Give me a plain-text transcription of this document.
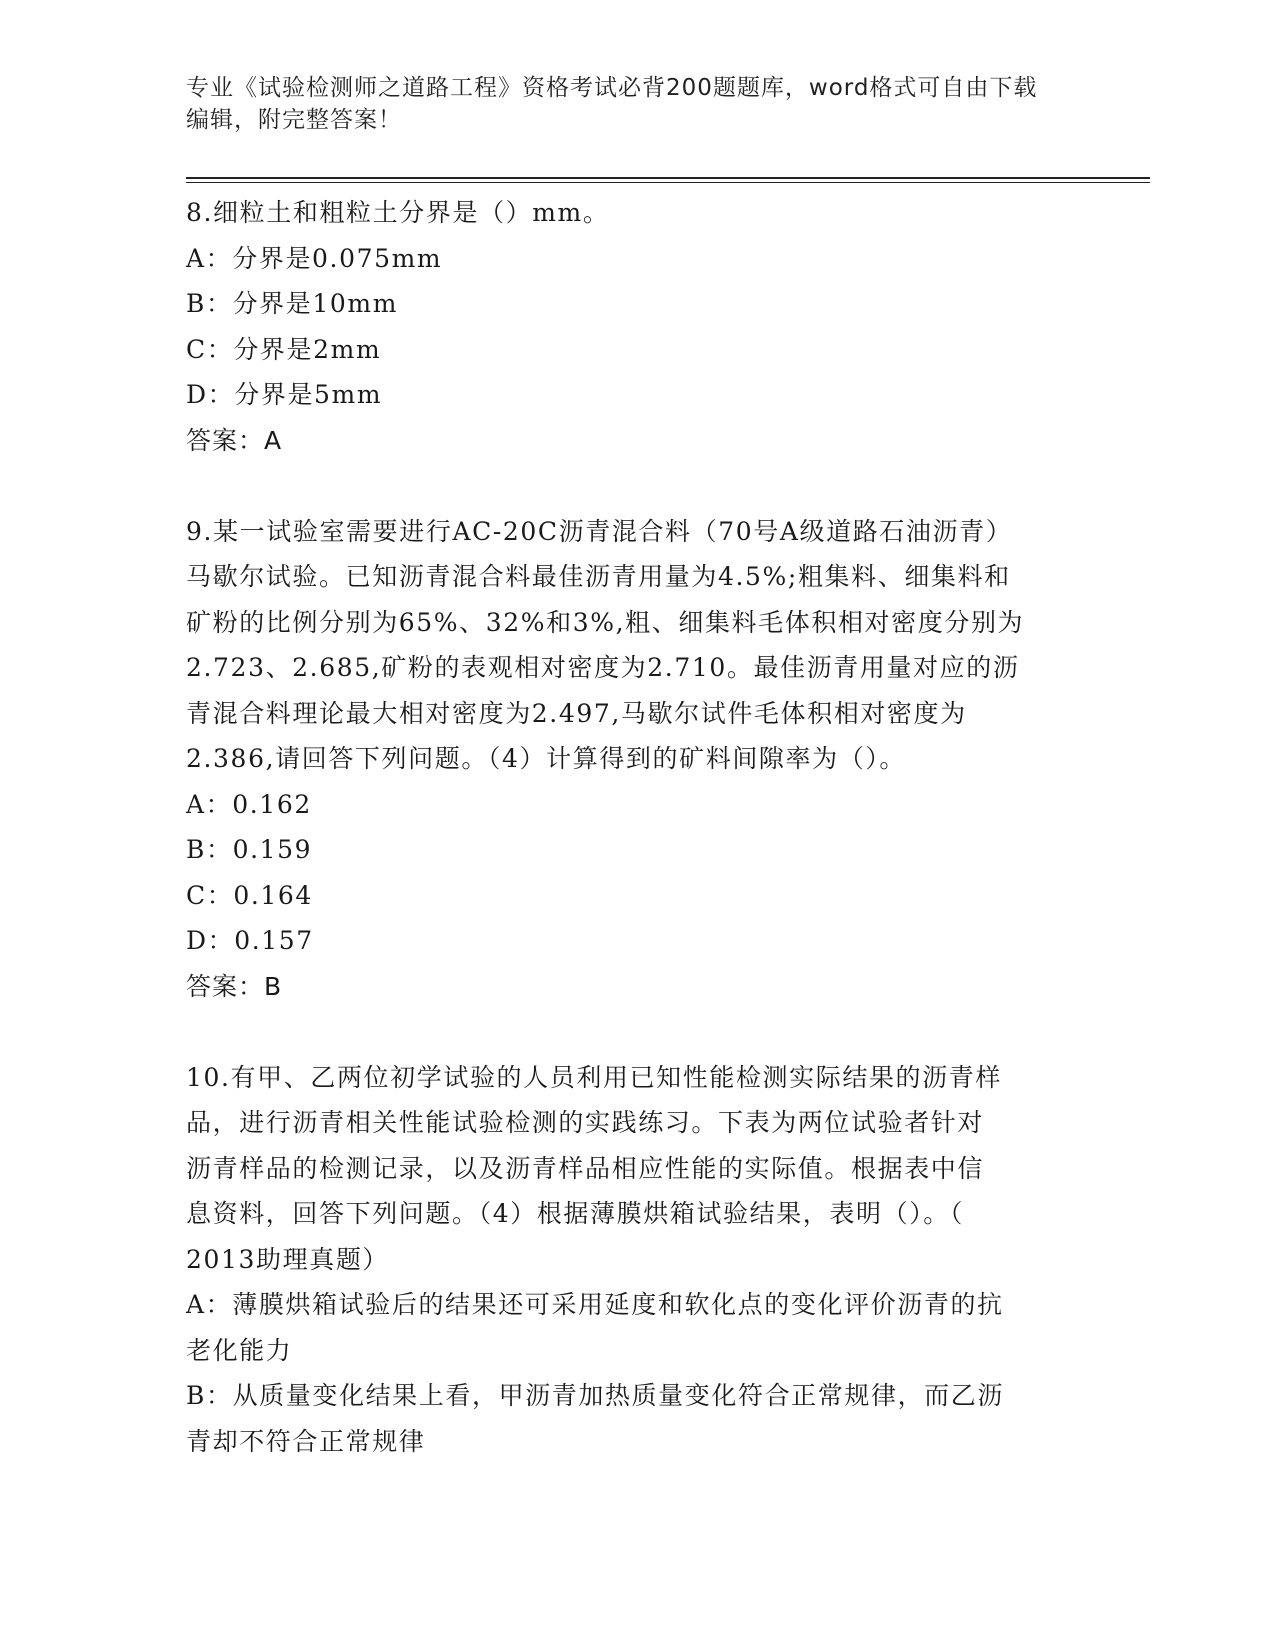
专业《试验检测师之道路工程》资格考试必背200题题库，word格式可自由下载
编辑，附完整答案！
8.细粒土和粗粒土分界是（）mm。
A：分界是0.075mm
B：分界是10mm
C：分界是2mm
D：分界是5mm
答案：A
9.某一试验室需要进行AC-20C沥青混合料（70号A级道路石油沥青）
马歇尔试验。已知沥青混合料最佳沥青用量为4.5%;粗集料、细集料和
矿粉的比例分别为65%、32%和3%,粗、细集料毛体积相对密度分别为
2.723、2.685,矿粉的表观相对密度为2.710。最佳沥青用量对应的沥
青混合料理论最大相对密度为2.497,马歇尔试件毛体积相对密度为
2.386,请回答下列问题。（4）计算得到的矿料间隙率为（）。
A：0.162
B：0.159
C：0.164
D：0.157
答案：B
10.有甲、乙两位初学试验的人员利用已知性能检测实际结果的沥青样
品，进行沥青相关性能试验检测的实践练习。下表为两位试验者针对
沥青样品的检测记录，以及沥青样品相应性能的实际值。根据表中信
息资料，回答下列问题。（4）根据薄膜烘箱试验结果，表明（）。（
2013助理真题）
A：薄膜烘箱试验后的结果还可采用延度和软化点的变化评价沥青的抗
老化能力
B：从质量变化结果上看，甲沥青加热质量变化符合正常规律，而乙沥
青却不符合正常规律
